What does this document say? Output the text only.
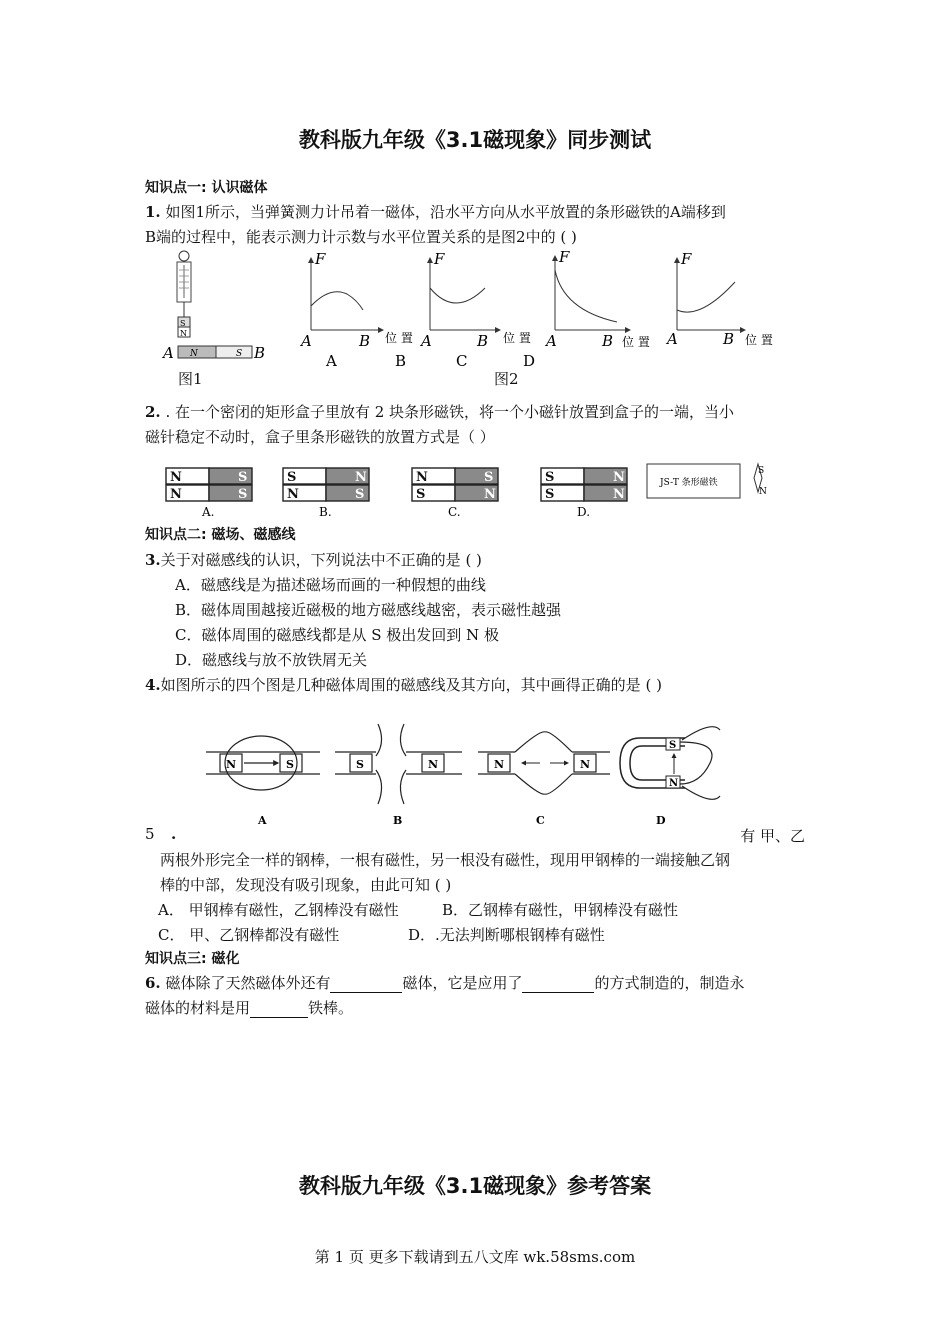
教科版九年级《3.1磁现象》同步测试
知识点一: 认识磁体
1. 如图1所示，当弹簧测力计吊着一磁体，沿水平方向从水平放置的条形磁铁的A端移到
B端的过程中，能表示测力计示数与水平位置关系的是图2中的 ( )
S
N
N	S
A	B
图1
F
A	B 位 置
A
F
A	B 位 置
B
F
A	B 位 置
C
F
A	B 位 置
D
图2
2. . 在一个密闭的矩形盒子里放有 2 块条形磁铁，将一个小磁针放置到盒子的一端，当小
磁针稳定不动时，盒子里条形磁铁的放置方式是（ ）
N	S
N	S
A.
S	N
N	S
B.
N	S
S	N
C.
S	N
S	N
D.
JS-T 条形磁铁
S
N
知识点二: 磁场、磁感线
3.关于对磁感线的认识，下列说法中不正确的是 ( )
A．磁感线是为描述磁场而画的一种假想的曲线
B．磁体周围越接近磁极的地方磁感线越密，表示磁性越强
C．磁体周围的磁感线都是从 S 极出发回到 N 极
D．磁感线与放不放铁屑无关
4.如图所示的四个图是几种磁体周围的磁感线及其方向，其中画得正确的是 ( )
N	S
A
S	N
B
N	N
C
S
N
D
5 .	有 甲、乙
两根外形完全一样的钢棒，一根有磁性，另一根没有磁性，现用甲钢棒的一端接触乙钢
棒的中部，发现没有吸引现象，由此可知 ( )
A． 甲钢棒有磁性，乙钢棒没有磁性	B．乙钢棒有磁性，甲钢棒没有磁性
C． 甲、乙钢棒都没有磁性	D．.无法判断哪根钢棒有磁性
知识点三: 磁化
6. 磁体除了天然磁体外还有	磁体，它是应用了	的方式制造的，制造永
磁体的材料是用	铁棒。
教科版九年级《3.1磁现象》参考答案
第 1 页 更多下载请到五八文库 wk.58sms.com
